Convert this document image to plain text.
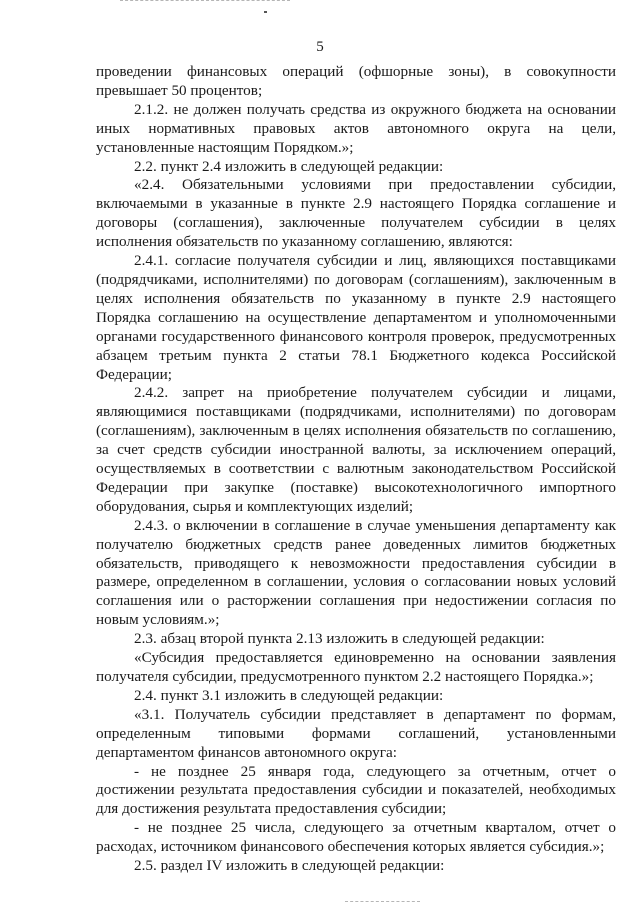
5

проведении финансовых операций (офшорные зоны), в совокупности превышает 50 процентов;

2.1.2. не должен получать средства из окружного бюджета на основании иных нормативных правовых актов автономного округа на цели, установленные настоящим Порядком.»;

2.2. пункт 2.4 изложить в следующей редакции:

«2.4. Обязательными условиями при предоставлении субсидии, включаемыми в указанные в пункте 2.9 настоящего Порядка соглашение и договоры (соглашения), заключенные получателем субсидии в целях исполнения обязательств по указанному соглашению, являются:

2.4.1. согласие получателя субсидии и лиц, являющихся поставщиками (подрядчиками, исполнителями) по договорам (соглашениям), заключенным в целях исполнения обязательств по указанному в пункте 2.9 настоящего Порядка соглашению на осуществление департаментом и уполномоченными органами государственного финансового контроля проверок, предусмотренных абзацем третьим пункта 2 статьи 78.1 Бюджетного кодекса Российской Федерации;

2.4.2. запрет на приобретение получателем субсидии и лицами, являющимися поставщиками (подрядчиками, исполнителями) по договорам (соглашениям), заключенным в целях исполнения обязательств по соглашению, за счет средств субсидии иностранной валюты, за исключением операций, осуществляемых в соответствии с валютным законодательством Российской Федерации при закупке (поставке) высокотехнологичного импортного оборудования, сырья и комплектующих изделий;

2.4.3. о включении в соглашение в случае уменьшения департаменту как получателю бюджетных средств ранее доведенных лимитов бюджетных обязательств, приводящего к невозможности предоставления субсидии в размере, определенном в соглашении, условия о согласовании новых условий соглашения или о расторжении соглашения при недостижении согласия по новым условиям.»;

2.3. абзац второй пункта 2.13 изложить в следующей редакции:

«Субсидия предоставляется единовременно на основании заявления получателя субсидии, предусмотренного пунктом 2.2 настоящего Порядка.»;

2.4. пункт 3.1 изложить в следующей редакции:

«3.1. Получатель субсидии представляет в департамент по формам, определенным типовыми формами соглашений, установленными департаментом финансов автономного округа:

- не позднее 25 января года, следующего за отчетным, отчет о достижении результата предоставления субсидии и показателей, необходимых для достижения результата предоставления субсидии;

- не позднее 25 числа, следующего за отчетным кварталом, отчет о расходах, источником финансового обеспечения которых является субсидия.»;

2.5. раздел IV изложить в следующей редакции:
